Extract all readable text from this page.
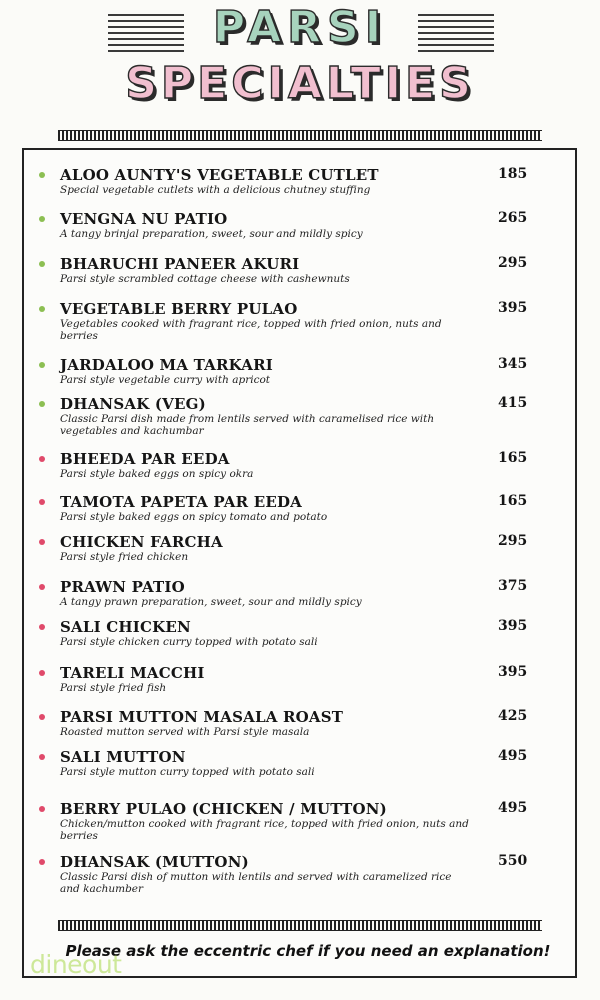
PARSI
SPECIALTIES
ALOO AUNTY'S VEGETABLE CUTLET
Special vegetable cutlets with a delicious chutney stuffing
185
VENGNA NU PATIO
A tangy brinjal preparation, sweet, sour and mildly spicy
265
BHARUCHI PANEER AKURI
Parsi style scrambled cottage cheese with cashewnuts
295
VEGETABLE BERRY PULAO
Vegetables cooked with fragrant rice, topped with fried onion, nuts and berries
395
JARDALOO MA TARKARI
Parsi style vegetable curry with apricot
345
DHANSAK (VEG)
Classic Parsi dish made from lentils served with caramelised rice with vegetables and kachumbar
415
BHEEDA PAR EEDA
Parsi style baked eggs on spicy okra
165
TAMOTA PAPETA PAR EEDA
Parsi style baked eggs on spicy tomato and potato
165
CHICKEN FARCHA
Parsi style fried chicken
295
PRAWN PATIO
A tangy prawn preparation, sweet, sour and mildly spicy
375
SALI CHICKEN
Parsi style chicken curry topped with potato sali
395
TARELI MACCHI
Parsi style fried fish
395
PARSI MUTTON MASALA ROAST
Roasted mutton served with Parsi style masala
425
SALI MUTTON
Parsi style mutton curry topped with potato sali
495
BERRY PULAO (CHICKEN / MUTTON)
Chicken/mutton cooked with fragrant rice, topped with fried onion, nuts and berries
495
DHANSAK (MUTTON)
Classic Parsi dish of mutton with lentils and served with caramelized rice and kachumber
550
Please ask the eccentric chef if you need an explanation!
dineout
